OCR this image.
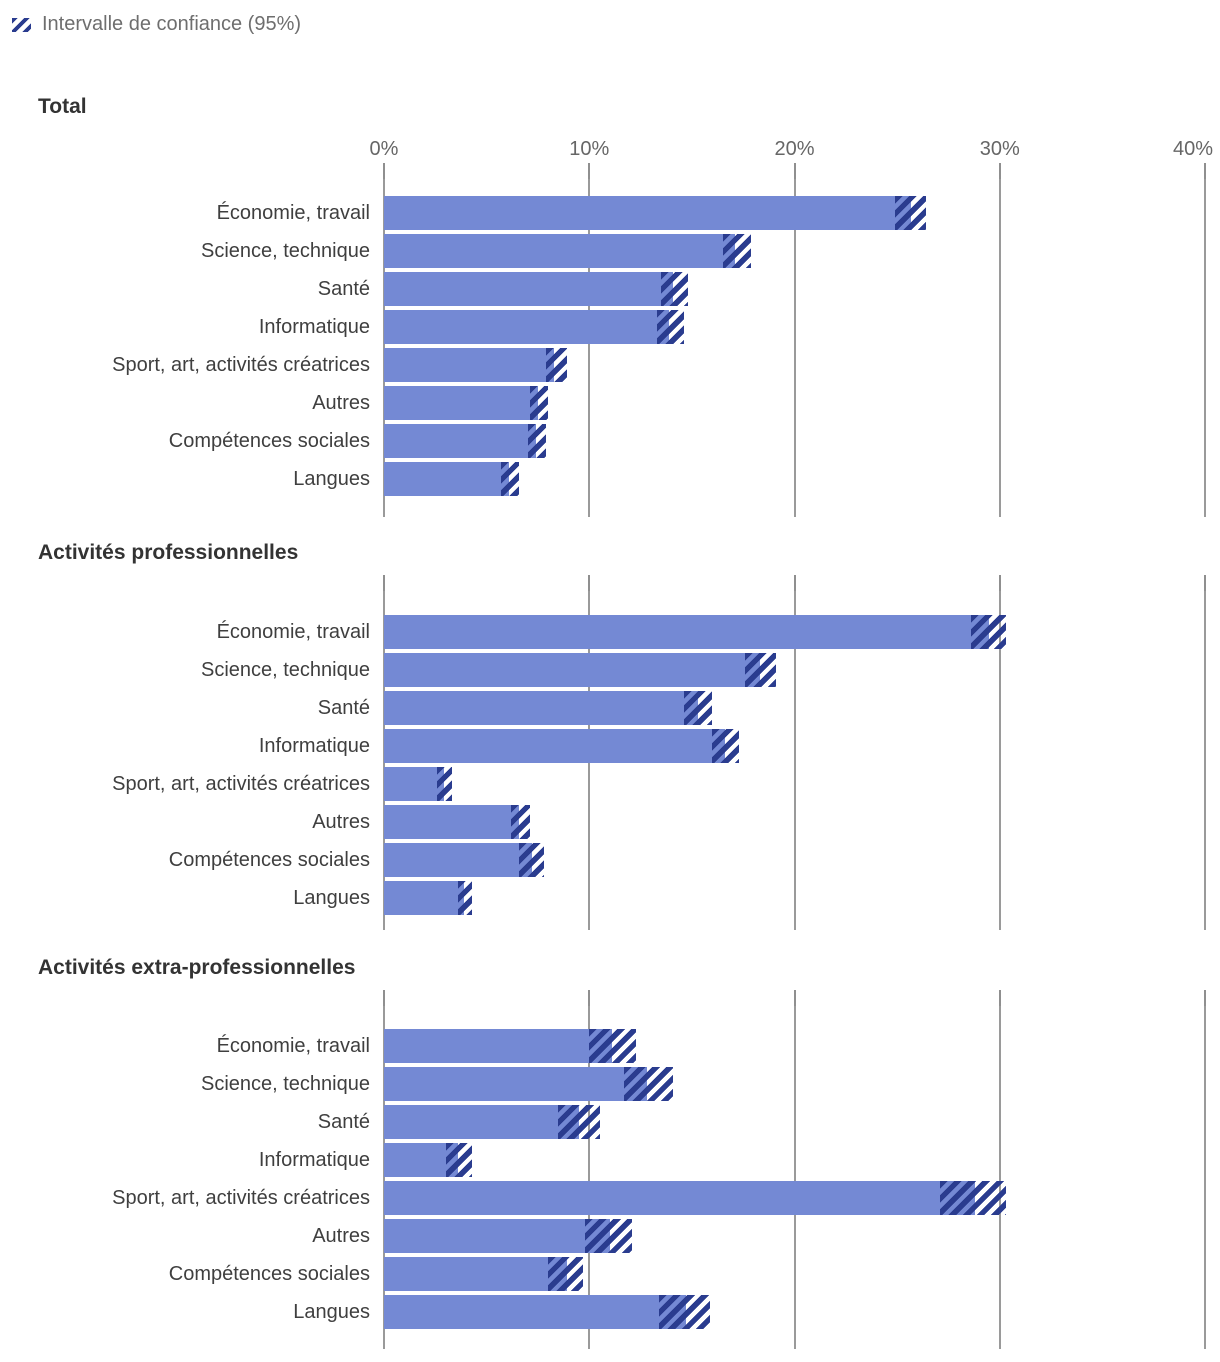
Intervalle de confiance (95%)
Total
0%	10%	20%	30%	40%
Économie, travail
Science, technique
Santé
Informatique
Sport, art, activités créatrices
Autres
Compétences sociales
Langues
Activités professionnelles
Économie, travail
Science, technique
Santé
Informatique
Sport, art, activités créatrices
Autres
Compétences sociales
Langues
Activités extra-professionnelles
Économie, travail
Science, technique
Santé
Informatique
Sport, art, activités créatrices
Autres
Compétences sociales
Langues
